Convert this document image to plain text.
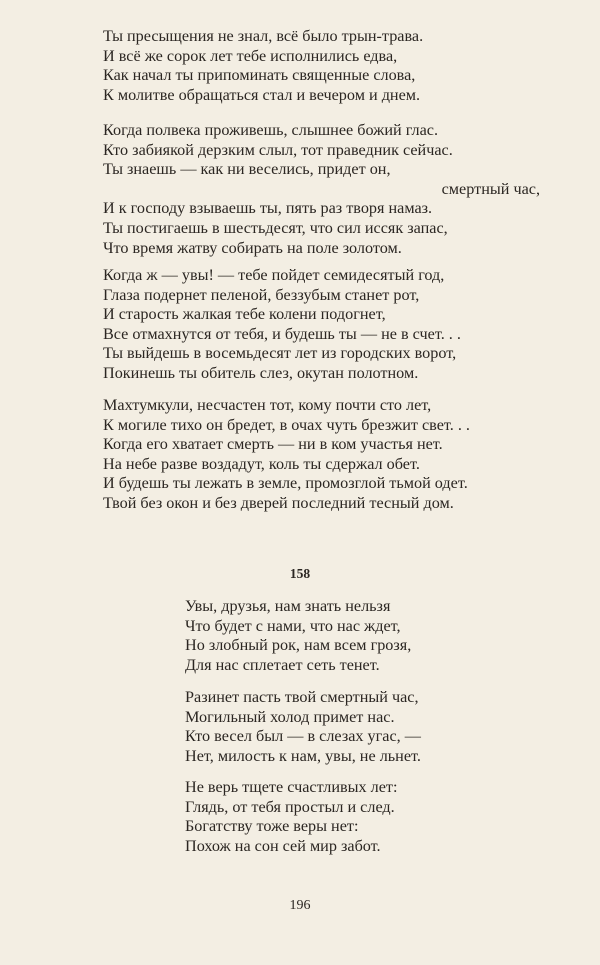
Ты пресыщения не знал, всё было трын-трава.
И всё же сорок лет тебе исполнились едва,
Как начал ты припоминать священные слова,
К молитве обращаться стал и вечером и днем.
Когда полвека проживешь, слышнее божий глас.
Кто забиякой дерзким слыл, тот праведник сейчас.
Ты знаешь — как ни веселись, придет он,
смертный час,
И к господу взываешь ты, пять раз творя намаз.
Ты постигаешь в шестьдесят, что сил иссяк запас,
Что время жатву собирать на поле золотом.
Когда ж — увы! — тебе пойдет семидесятый год,
Глаза подернет пеленой, беззубым станет рот,
И старость жалкая тебе колени подогнет,
Все отмахнутся от тебя, и будешь ты — не в счет. . .
Ты выйдешь в восемьдесят лет из городских ворот,
Покинешь ты обитель слез, окутан полотном.
Махтумкули, несчастен тот, кому почти сто лет,
К могиле тихо он бредет, в очах чуть брезжит свет. . .
Когда его хватает смерть — ни в ком участья нет.
На небе разве воздадут, коль ты сдержал обет.
И будешь ты лежать в земле, промозглой тьмой одет.
Твой без окон и без дверей последний тесный дом.
158
Увы, друзья, нам знать нельзя
Что будет с нами, что нас ждет,
Но злобный рок, нам всем грозя,
Для нас сплетает сеть тенет.
Разинет пасть твой смертный час,
Могильный холод примет нас.
Кто весел был — в слезах угас, —
Нет, милость к нам, увы, не льнет.
Не верь тщете счастливых лет:
Глядь, от тебя простыл и след.
Богатству тоже веры нет:
Похож на сон сей мир забот.
196
